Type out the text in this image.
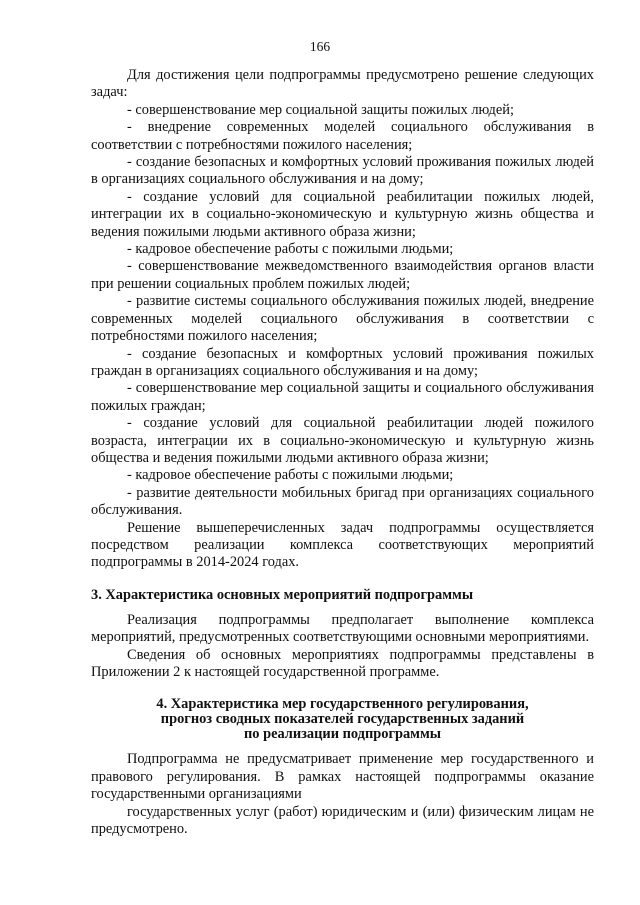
166

Для достижения цели подпрограммы предусмотрено решение следующих задач:

- совершенствование мер социальной защиты пожилых людей;

- внедрение современных моделей социального обслуживания в соответствии с потребностями пожилого населения;

- создание безопасных и комфортных условий проживания пожилых людей в организациях социального обслуживания и на дому;

- создание условий для социальной реабилитации пожилых людей, интеграции их в социально-экономическую и культурную жизнь общества и ведения пожилыми людьми активного образа жизни;

- кадровое обеспечение работы с пожилыми людьми;

- совершенствование межведомственного взаимодействия органов власти при решении социальных проблем пожилых людей;

- развитие системы социального обслуживания пожилых людей, внедрение современных моделей социального обслуживания в соответствии с потребностями пожилого населения;

- создание безопасных и комфортных условий проживания пожилых граждан в организациях социального обслуживания и на дому;

- совершенствование мер социальной защиты и социального обслуживания пожилых граждан;

- создание условий для социальной реабилитации людей пожилого возраста, интеграции их в социально-экономическую и культурную жизнь общества и ведения пожилыми людьми активного образа жизни;

- кадровое обеспечение работы с пожилыми людьми;

- развитие деятельности мобильных бригад при организациях социального обслуживания.

Решение вышеперечисленных задач подпрограммы осуществляется посредством реализации комплекса соответствующих мероприятий подпрограммы в 2014-2024 годах.

3. Характеристика основных мероприятий подпрограммы

Реализация подпрограммы предполагает выполнение комплекса мероприятий, предусмотренных соответствующими основными мероприятиями.

Сведения об основных мероприятиях подпрограммы представлены в Приложении 2 к настоящей государственной программе.

4. Характеристика мер государственного регулирования,
прогноз сводных показателей государственных заданий
по реализации подпрограммы

Подпрограмма не предусматривает применение мер государственного и правового регулирования. В рамках настоящей подпрограммы оказание государственными организациями

государственных услуг (работ) юридическим и (или) физическим лицам не предусмотрено.
